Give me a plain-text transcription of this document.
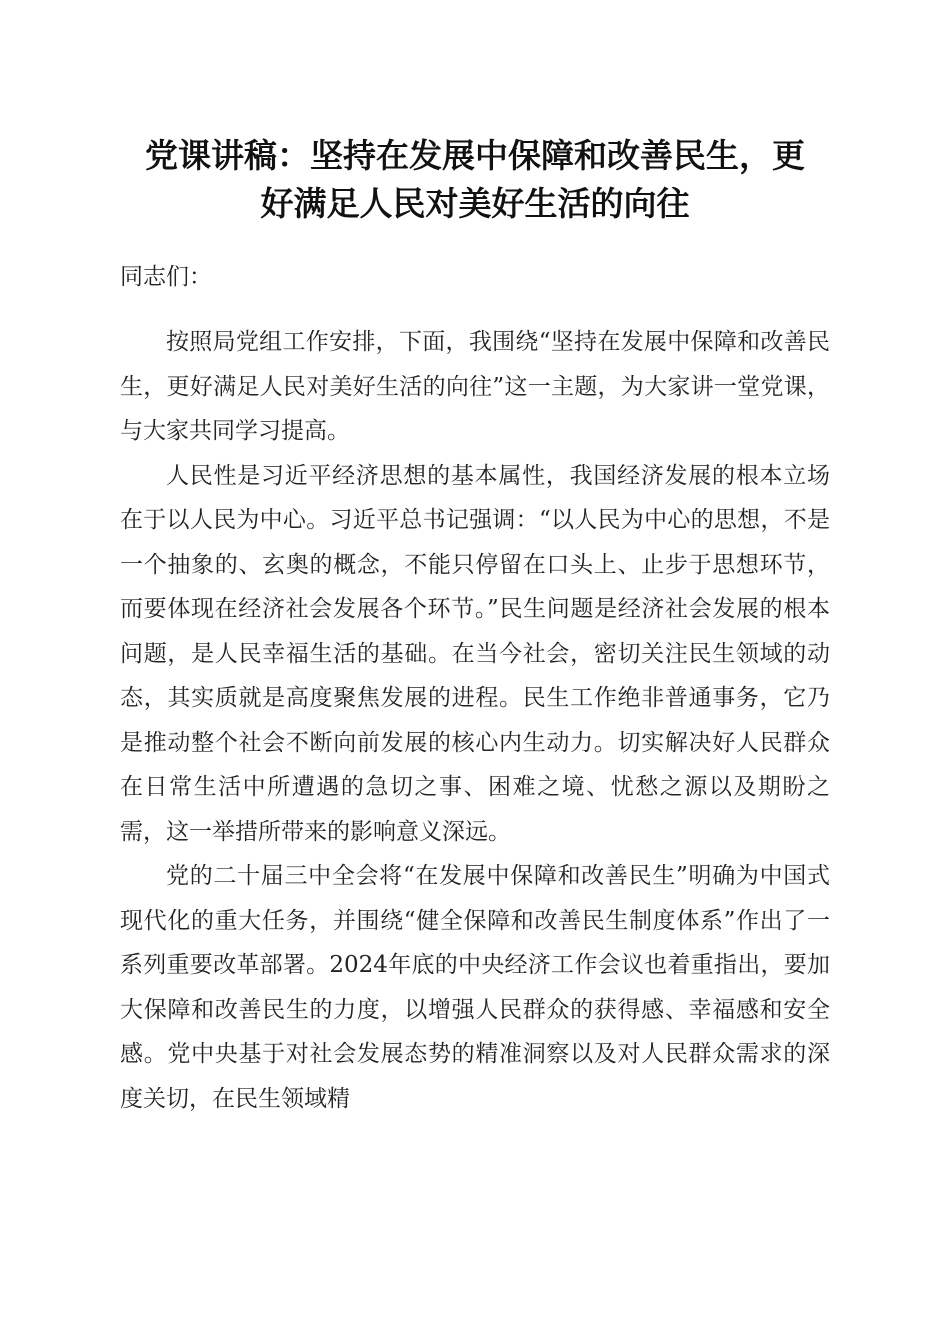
党课讲稿：坚持在发展中保障和改善民生，更
好满足人民对美好生活的向往

同志们：

按照局党组工作安排，下面，我围绕“坚持在发展中保障和改善民生，更好满足人民对美好生活的向往”这一主题，为大家讲一堂党课，与大家共同学习提高。

人民性是习近平经济思想的基本属性，我国经济发展的根本立场在于以人民为中心。习近平总书记强调：“以人民为中心的思想，不是一个抽象的、玄奥的概念，不能只停留在口头上、止步于思想环节，而要体现在经济社会发展各个环节。”民生问题是经济社会发展的根本问题，是人民幸福生活的基础。在当今社会，密切关注民生领域的动态，其实质就是高度聚焦发展的进程。民生工作绝非普通事务，它乃是推动整个社会不断向前发展的核心内生动力。切实解决好人民群众在日常生活中所遭遇的急切之事、困难之境、忧愁之源以及期盼之需，这一举措所带来的影响意义深远。

党的二十届三中全会将“在发展中保障和改善民生”明确为中国式现代化的重大任务，并围绕“健全保障和改善民生制度体系”作出了一系列重要改革部署。2024年底的中央经济工作会议也着重指出，要加大保障和改善民生的力度，以增强人民群众的获得感、幸福感和安全感。党中央基于对社会发展态势的精准洞察以及对人民群众需求的深度关切，在民生领域精
